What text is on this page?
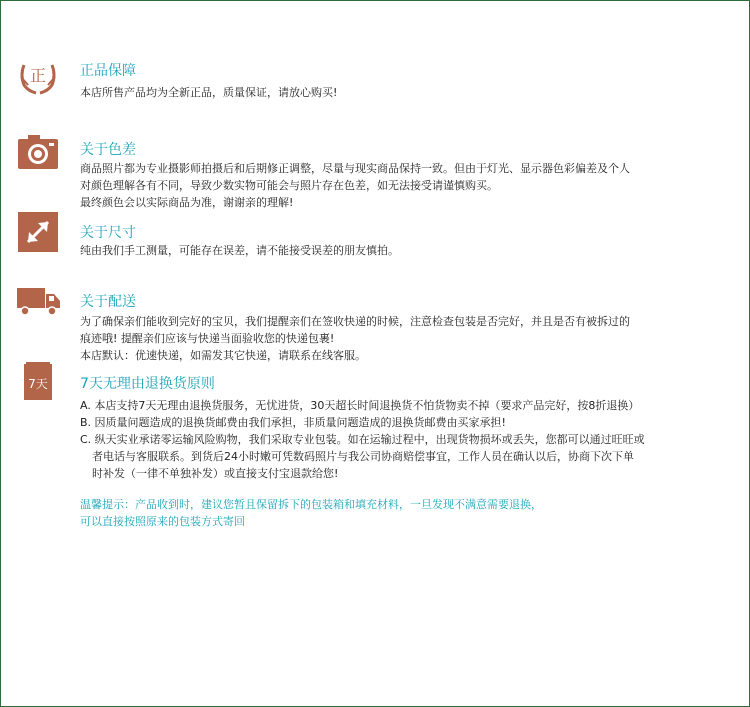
正 正品保障

本店所售产品均为全新正品，质量保证，请放心购买!

关于色差

商品照片都为专业摄影师拍摄后和后期修正调整，尽量与现实商品保持一致。但由于灯光、显示器色彩偏差及个人

对颜色理解各有不同，导致少数实物可能会与照片存在色差，如无法接受请谨慎购买。

最终颜色会以实际商品为准，谢谢亲的理解!

关于尺寸

纯由我们手工测量，可能存在误差，请不能接受误差的朋友慎拍。

关于配送

为了确保亲们能收到完好的宝贝，我们提醒亲们在签收快递的时候，注意检查包装是否完好，并且是否有被拆过的

痕迹哦! 提醒亲们应该与快递当面验收您的快递包裹!

本店默认：优速快递，如需发其它快递，请联系在线客服。

7天 7天无理由退换货原则

A. 本店支持7天无理由退换货服务，无忧进货，30天超长时间退换货不怕货物卖不掉（要求产品完好，按8折退换）

B. 因质量问题造成的退换货邮费由我们承担，非质量问题造成的退换货邮费由买家承担!

C. 纵天实业承诺零运输风险购物，我们采取专业包装。如在运输过程中，出现货物损坏或丢失，您都可以通过旺旺或

者电话与客服联系。到货后24小时嫩可凭数码照片与我公司协商赔偿事宜，工作人员在确认以后，协商下次下单

时补发（一律不单独补发）或直接支付宝退款给您!

温馨提示：产品收到时，建议您暂且保留拆下的包装箱和填充材料，一旦发现不满意需要退换，

可以直接按照原来的包装方式寄回
